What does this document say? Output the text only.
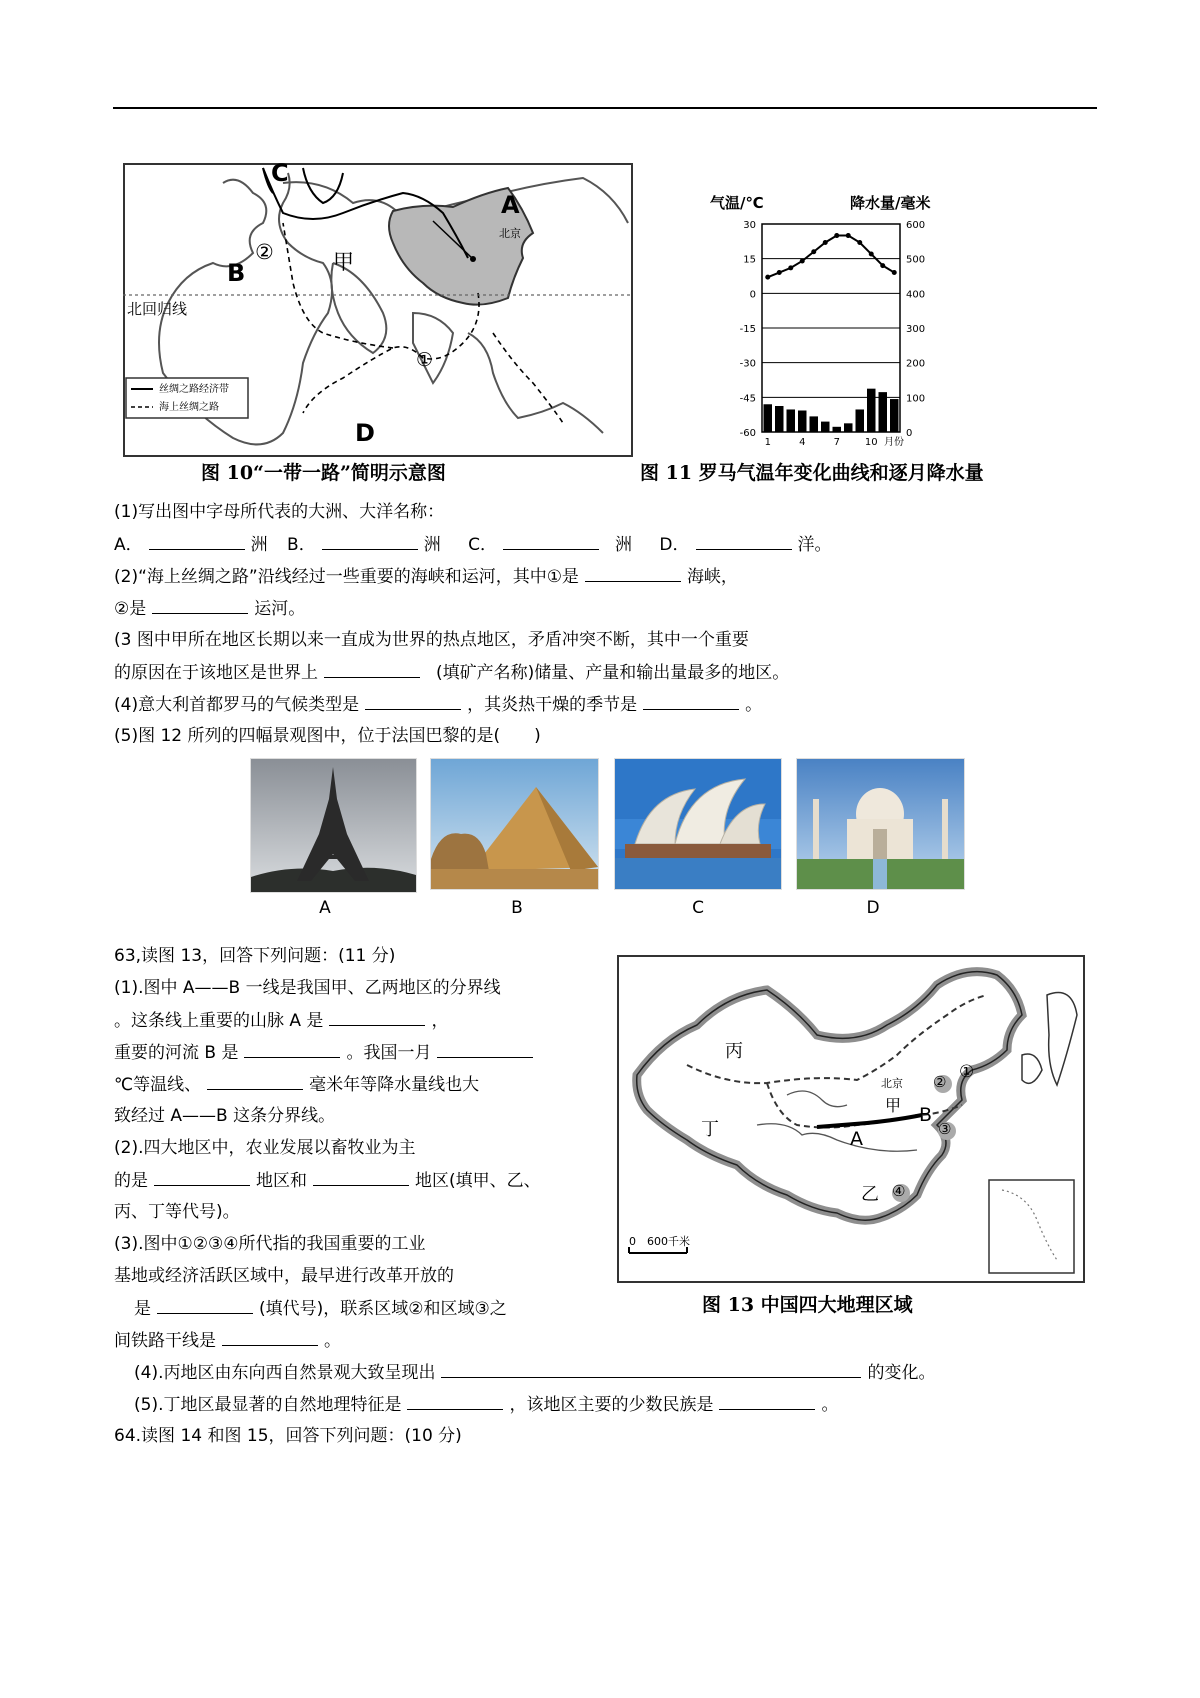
C
A
B
D
甲
②
①
北回归线
北京
丝绸之路经济带
海上丝绸之路
图 10“一带一路”简明示意图
气温/℃	降水量/毫米
30	600
15	500
0	400
-15	300
-30	200
-45	100
-60	0
1	4	7 10 月份
图 11 罗马气温年变化曲线和逐月降水量
(1)写出图中字母所代表的大洲、大洋名称：
A．	洲 B．	洲 C．	洲 D．	洋。
(2)“海上丝绸之路”沿线经过一些重要的海峡和运河，其中①是	海峡，
②是	运河。
(3 图中甲所在地区长期以来一直成为世界的热点地区，矛盾冲突不断，其中一个重要
的原因在于该地区是世界上	(填矿产名称)储量、产量和输出量最多的地区。
(4)意大利首都罗马的气候类型是	，其炎热干燥的季节是	。
(5)图 12 所列的四幅景观图中，位于法国巴黎的是(　　)
A	B	C	D
63,读图 13，回答下列问题：(11 分)
(1).图中 A——B 一线是我国甲、乙两地区的分界线
。这条线上重要的山脉 A 是	，
重要的河流 B 是	。我国一月
℃等温线、	毫米年等降水量线也大
致经过 A——B 这条分界线。
(2).四大地区中，农业发展以畜牧业为主
的是	地区和	地区(填甲、乙、
丙、丁等代号)。
(3).图中①②③④所代指的我国重要的工业
基地或经济活跃区域中，最早进行改革开放的
是	(填代号)，联系区域②和区域③之
间铁路干线是	。
(4).丙地区由东向西自然景观大致呈现出	的变化。
(5).丁地区最显著的自然地理特征是	，该地区主要的少数民族是	。
64.读图 14 和图 15，回答下列问题：(10 分)
丙
丁
甲
乙
北京
A
B
①
②
③
④
0　600千米
图 13 中国四大地理区域
